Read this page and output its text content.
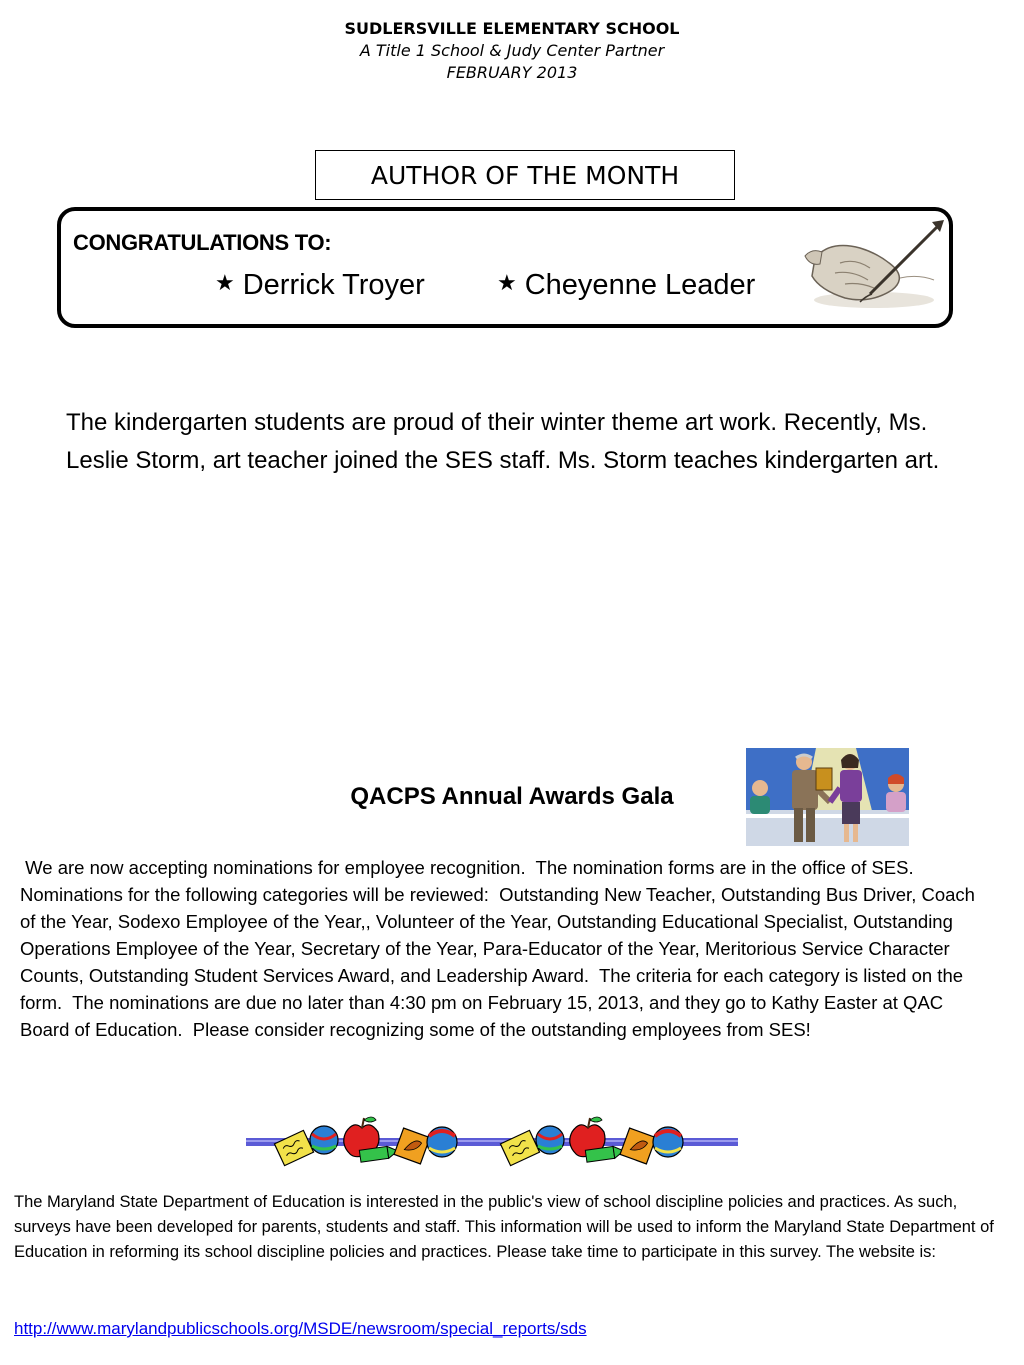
SUDLERSVILLE ELEMENTARY SCHOOL
A Title 1 School & Judy Center Partner
FEBRUARY 2013
AUTHOR OF THE MONTH
CONGRATULATIONS TO:
★ Derrick Troyer	★ Cheyenne Leader
The kindergarten students are proud of their winter theme art work. Recently, Ms. Leslie Storm, art teacher joined the SES staff. Ms. Storm teaches kindergarten art.
QACPS Annual Awards Gala
We are now accepting nominations for employee recognition.  The nomination forms are in the office of SES.  Nominations for the following categories will be reviewed:  Outstanding New Teacher, Outstanding Bus Driver, Coach of the Year, Sodexo Employee of the Year,, Volunteer of the Year, Outstanding Educational Specialist, Outstanding Operations Employee of the Year, Secretary of the Year, Para-Educator of the Year, Meritorious Service Character Counts, Outstanding Student Services Award, and Leadership Award.  The criteria for each category is listed on the form.  The nominations are due no later than 4:30 pm on February 15, 2013, and they go to Kathy Easter at QAC Board of Education.  Please consider recognizing some of the outstanding employees from SES!
The Maryland State Department of Education is interested in the public's view of school discipline policies and practices. As such, surveys have been developed for parents, students and staff. This information will be used to inform the Maryland State Department of Education in reforming its school discipline policies and practices. Please take time to participate in this survey. The website is:
http://www.marylandpublicschools.org/MSDE/newsroom/special_reports/sds
